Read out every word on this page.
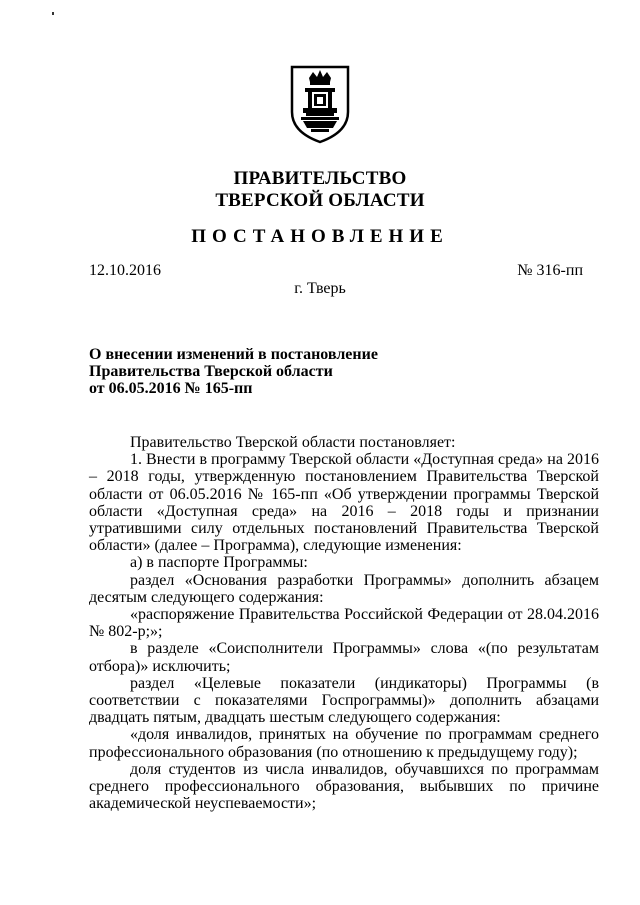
ПРАВИТЕЛЬСТВО
ТВЕРСКОЙ ОБЛАСТИ
ПОСТАНОВЛЕНИЕ
12.10.2016	№ 316-пп
г. Тверь
О внесении изменений в постановление
Правительства Тверской области
от 06.05.2016 № 165-пп

Правительство Тверской области постановляет:

1. Внести в программу Тверской области «Доступная среда» на 2016 – 2018 годы, утвержденную постановлением Правительства Тверской области от 06.05.2016 № 165-пп «Об утверждении программы Тверской области «Доступная среда» на 2016 – 2018 годы и признании утратившими силу отдельных постановлений Правительства Тверской области» (далее – Программа), следующие изменения:

а) в паспорте Программы:

раздел «Основания разработки Программы» дополнить абзацем десятым следующего содержания:

«распоряжение Правительства Российской Федерации от 28.04.2016 № 802-р;»;

в разделе «Соисполнители Программы» слова «(по результатам отбора)» исключить;

раздел «Целевые показатели (индикаторы) Программы (в соответствии с показателями Госпрограммы)» дополнить абзацами двадцать пятым, двадцать шестым следующего содержания:

«доля инвалидов, принятых на обучение по программам среднего профессионального образования (по отношению к предыдущему году);

доля студентов из числа инвалидов, обучавшихся по программам среднего профессионального образования, выбывших по причине академической неуспеваемости»;
